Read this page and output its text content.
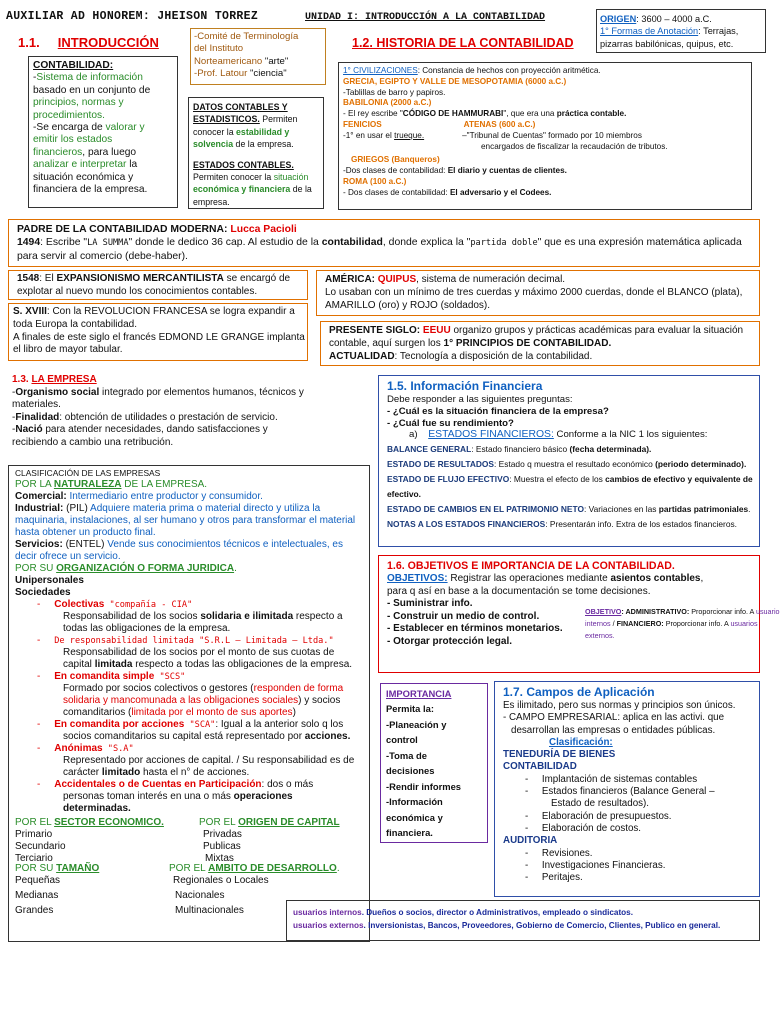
AUXILIAR AD HONOREM: JHEISON TORREZ	UNIDAD I: INTRODUCCIÓN A LA CONTABILIDAD	ORIGEN: 3600 – 4000 a.C.
1° Formas de Anotación: Terrajas,
pizarras babilónicas, quipus, etc.
1.1. INTRODUCCIÓN	-Comité de Terminología
del Instituto
Norteamericano "arte"
-Prof. Latour "ciencia"
1.2. HISTORIA DE LA CONTABILIDAD
CONTABILIDAD:
-Sistema de información
basado en un conjunto de
principios, normas y
procedimientos.
-Se encarga de valorar y
emitir los estados
financieros, para luego
analizar e interpretar la
situación económica y
financiera de la empresa.
DATOS CONTABLES Y
ESTADISTICOS. Permiten
conocer la estabilidad y
solvencia de la empresa.
ESTADOS CONTABLES.
Permiten conocer la situación
económica y financiera de la
empresa.
1° CIVILIZACIONES: Constancia de hechos con proyección aritmética.
GRECIA, EGIPTO Y VALLE DE MESOPOTAMIA (6000 a.C.)
-Tablillas de barro y papiros.
BABILONIA (2000 a.C.)
- El rey escribe "CÓDIGO DE HAMMURABI", que era una práctica contable.
FENICIOS	ATENAS (600 a.C.)
-1° en usar el trueque.	–"Tribunal de Cuentas" formado por 10 miembros
encargados de fiscalizar la recaudación de tributos.
GRIEGOS (Banqueros)
-Dos clases de contabilidad: El diario y cuentas de clientes.
ROMA (100 a.C.)
- Dos clases de contabilidad: El adversario y el Codees.
PADRE DE LA CONTABILIDAD MODERNA: Lucca Pacioli
1494: Escribe "LA SUMMA" donde le dedico 36 cap. Al estudio de la contabilidad, donde explica la "partida doble" que es una expresión matemática aplicada
para servir al comercio (debe-haber).
1548: El EXPANSIONISMO MERCANTILISTA se encargó de
explotar al nuevo mundo los conocimientos contables.
AMÉRICA: QUIPUS, sistema de numeración decimal.
Lo usaban con un mínimo de tres cuerdas y máximo 2000 cuerdas, donde el BLANCO (plata),
AMARILLO (oro) y ROJO (soldados).
S. XVIII: Con la REVOLUCION FRANCESA se logra expandir a
toda Europa la contabilidad.
A finales de este siglo el francés EDMOND LE GRANGE implanta
el libro de mayor tabular.
PRESENTE SIGLO: EEUU organizo grupos y prácticas académicas para evaluar la situación
contable, aquí surgen los 1° PRINCIPIOS DE CONTABILIDAD.
ACTUALIDAD: Tecnología a disposición de la contabilidad.
1.3. LA EMPRESA
-Organismo social integrado por elementos humanos, técnicos y
materiales.
-Finalidad: obtención de utilidades o prestación de servicio.
-Nació para atender necesidades, dando satisfacciones y
recibiendo a cambio una retribución.
1.5. Información Financiera
Debe responder a las siguientes preguntas:
- ¿Cuál es la situación financiera de la empresa?
- ¿Cuál fue su rendimiento?
a) ESTADOS FINANCIEROS: Conforme a la NIC 1 los siguientes:
BALANCE GENERAL: Estado financiero básico (fecha determinada).
ESTADO DE RESULTADOS: Estado q muestra el resultado económico (periodo determinado).
ESTADO DE FLUJO EFECTIVO: Muestra el efecto de los cambios de efectivo y equivalente de
efectivo.
ESTADO DE CAMBIOS EN EL PATRIMONIO NETO: Variaciones en las partidas patrimoniales.
NOTAS A LOS ESTADOS FINANCIEROS: Presentarán info. Extra de los estados financieros.
CLASIFICACIÓN DE LAS EMPRESAS
POR LA NATURALEZA DE LA EMPRESA.
Comercial: Intermediario entre productor y consumidor.
Industrial: (PIL) Adquiere materia prima o material directo y utiliza la
maquinaria, instalaciones, al ser humano y otros para transformar el material
hasta obtener un producto final.
Servicios: (ENTEL) Vende sus conocimientos técnicos e intelectuales, es
decir ofrece un servicio.
POR SU ORGANIZACIÓN O FORMA JURIDICA.
Unipersonales
Sociedades
- Colectivas "compañía - CIA"
Responsabilidad de los socios solidaria e ilimitada respecto a
todas las obligaciones de la empresa.
- De responsabilidad limitada "S.R.L – Limitada – Ltda."
Responsabilidad de los socios por el monto de sus cuotas de
capital limitada respecto a todas las obligaciones de la empresa.
- En comandita simple "SCS"
Formado por socios colectivos o gestores (responden de forma
solidaria y mancomunada a las obligaciones sociales) y socios
comanditarios (limitada por el monto de sus aportes)
- En comandita por acciones "SCA": Igual a la anterior solo q los
socios comanditarios su capital está representado por acciones.
- Anónimas "S.A"
Representado por acciones de capital. / Su responsabilidad es de
carácter limitado hasta el n° de acciones.
- Accidentales o de Cuentas en Participación: dos o más
personas toman interés en una o más operaciones
determinadas.
POR EL SECTOR ECONOMICO.
Primario
Secundario
Terciario
POR EL ORIGEN DE CAPITAL
Privadas
Publicas
Mixtas
POR SU TAMAÑO
Pequeñas
Medianas
Grandes
POR EL AMBITO DE DESARROLLO.
Regionales o Locales
Nacionales
Multinacionales
1.6. OBJETIVOS E IMPORTANCIA DE LA CONTABILIDAD.
OBJETIVOS: Registrar las operaciones mediante asientos contables,
para q así en base a la documentación se tome decisiones.
- Suministrar info.
- Construir un medio de control.
- Establecer en términos monetarios.
- Otorgar protección legal.
OBJETIVO: ADMINISTRATIVO: Proporcionar info. A usuario
internos / FINANCIERO: Proporcionar info. A usuarios
externos.
IMPORTANCIA
Permita la:
-Planeación y
control
-Toma de
decisiones
-Rendir informes
-Información
económica y
financiera.
1.7. Campos de Aplicación
Es ilimitado, pero sus normas y principios son únicos.
- CAMPO EMPRESARIAL: aplica en las activi. que
desarrollan las empresas o entidades públicas.
Clasificación:
TENEDURÍA DE BIENES
CONTABILIDAD
- Implantación de sistemas contables
- Estados financieros (Balance General –
Estado de resultados).
- Elaboración de presupuestos.
- Elaboración de costos.
AUDITORIA
- Revisiones.
- Investigaciones Financieras.
- Peritajes.
usuarios internos. Dueños o socios, director o Administrativos, empleado o sindicatos.
usuarios externos. Inversionistas, Bancos, Proveedores, Gobierno de Comercio, Clientes, Publico en general.
